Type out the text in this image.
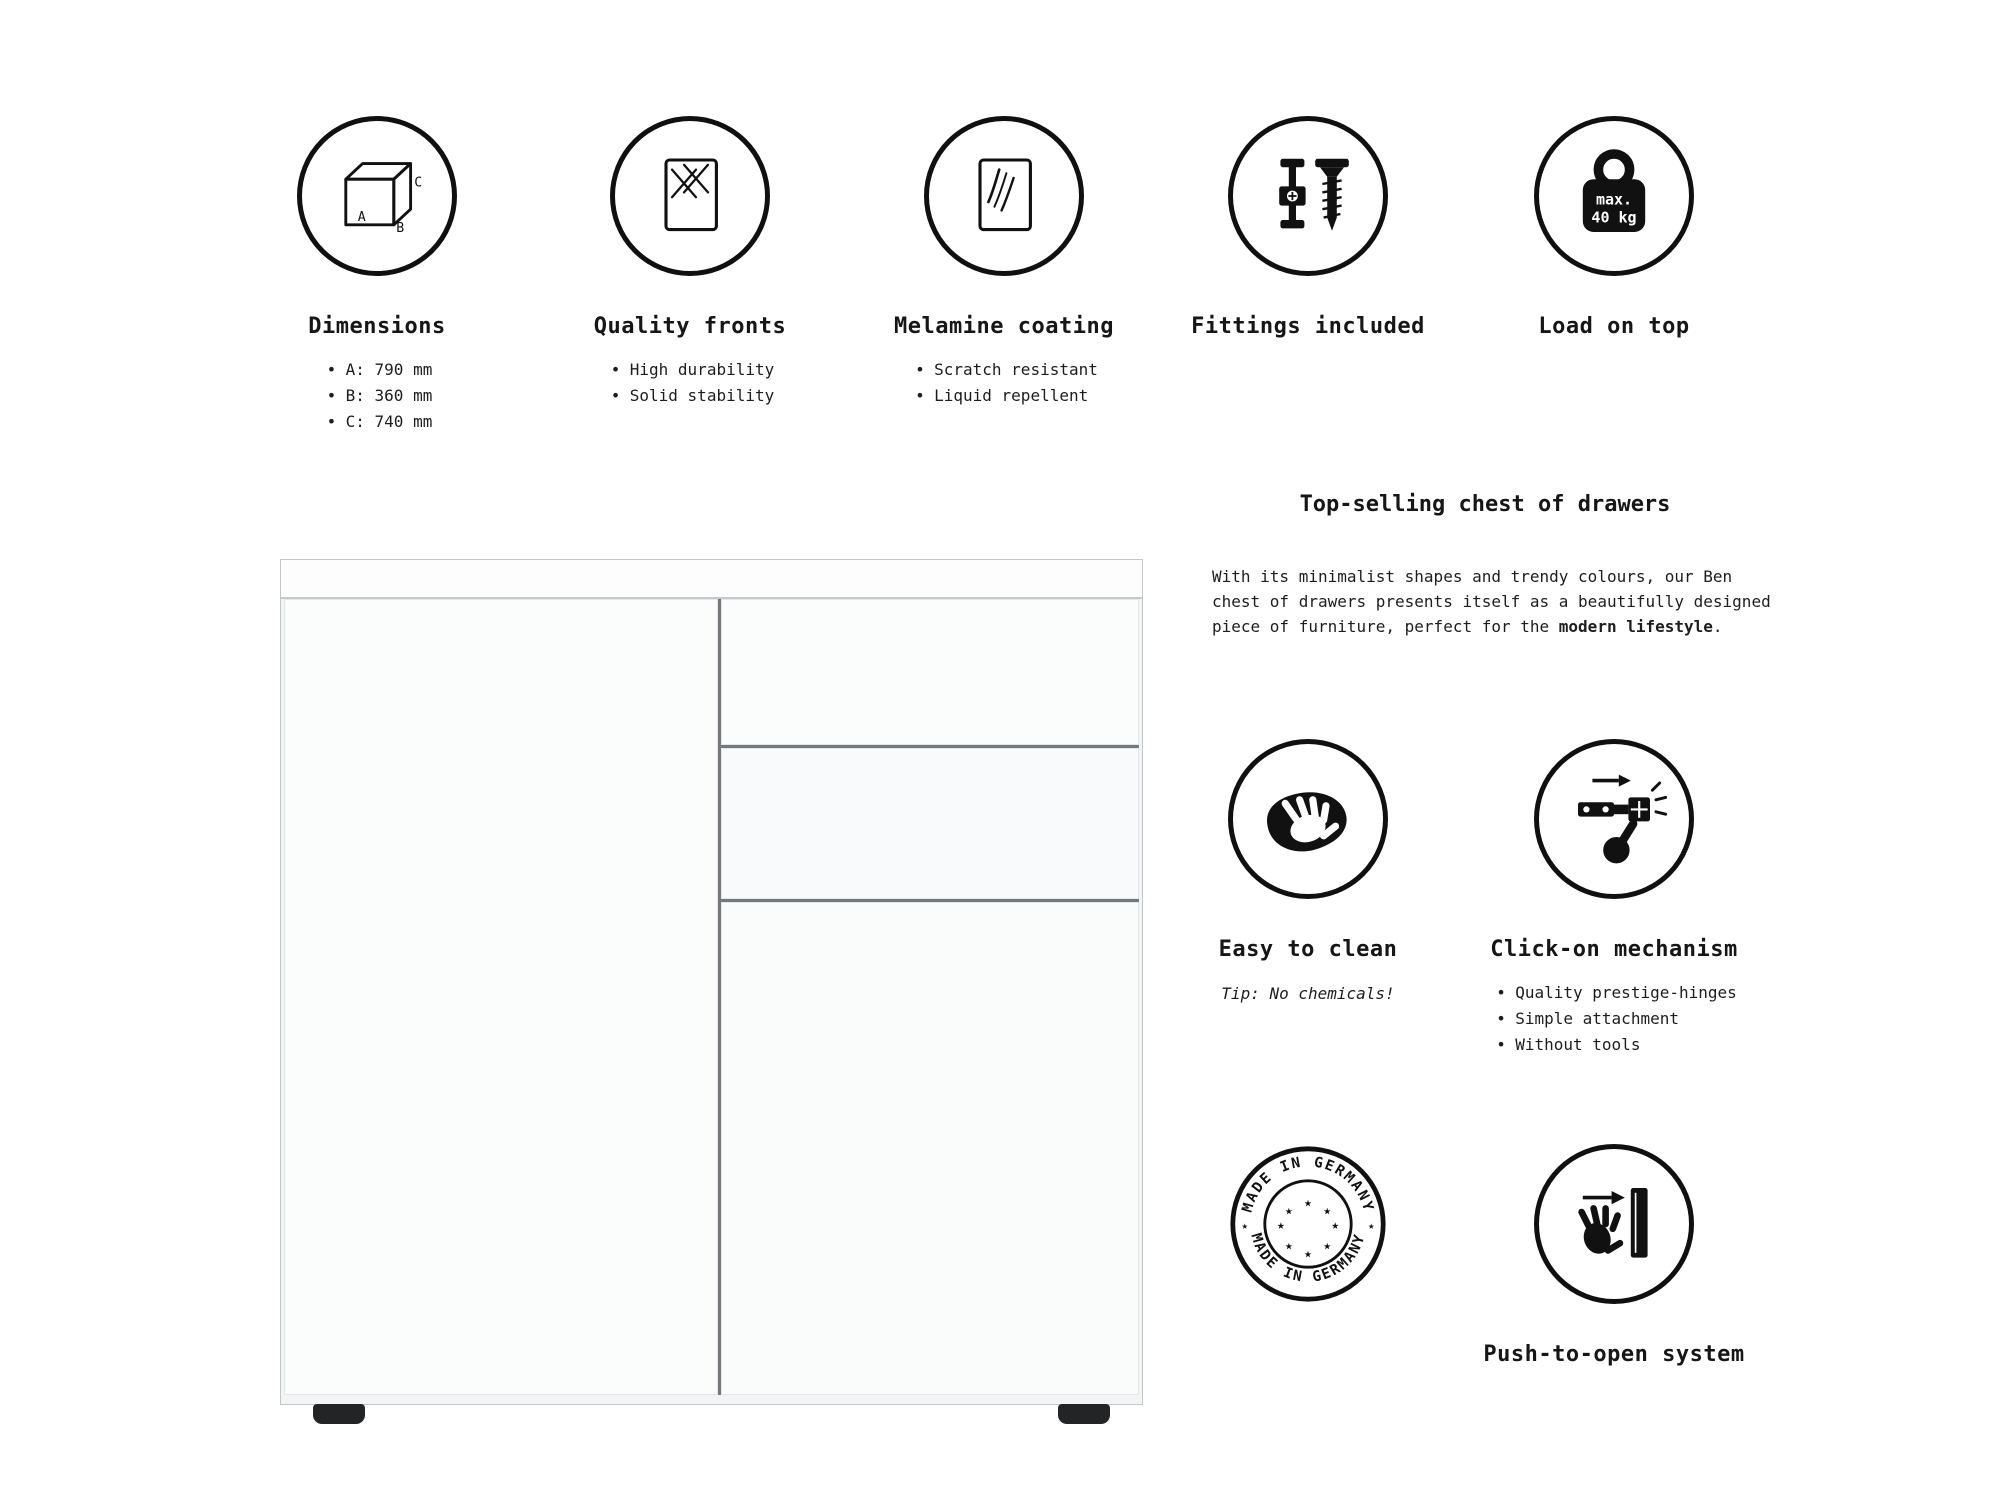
A
B
C
Dimensions
• A: 790 mm
• B: 360 mm
• C: 740 mm
Quality fronts
• High durability
• Solid stability
Melamine coating
• Scratch resistant
• Liquid repellent
Fittings included
max.
40 kg
Load on top
Top-selling chest of drawers

With its minimalist shapes and trendy colours, our Ben chest of drawers presents itself as a beautifully designed piece of furniture, perfect for the modern lifestyle.

Easy to clean
Tip: No chemicals!
Click-on mechanism
• Quality prestige-hinges
• Simple attachment
• Without tools
MADE IN GERMANY
MADE IN GERMANY
★
★
★
★
★
★
★
★
★	★
Push-to-open system
